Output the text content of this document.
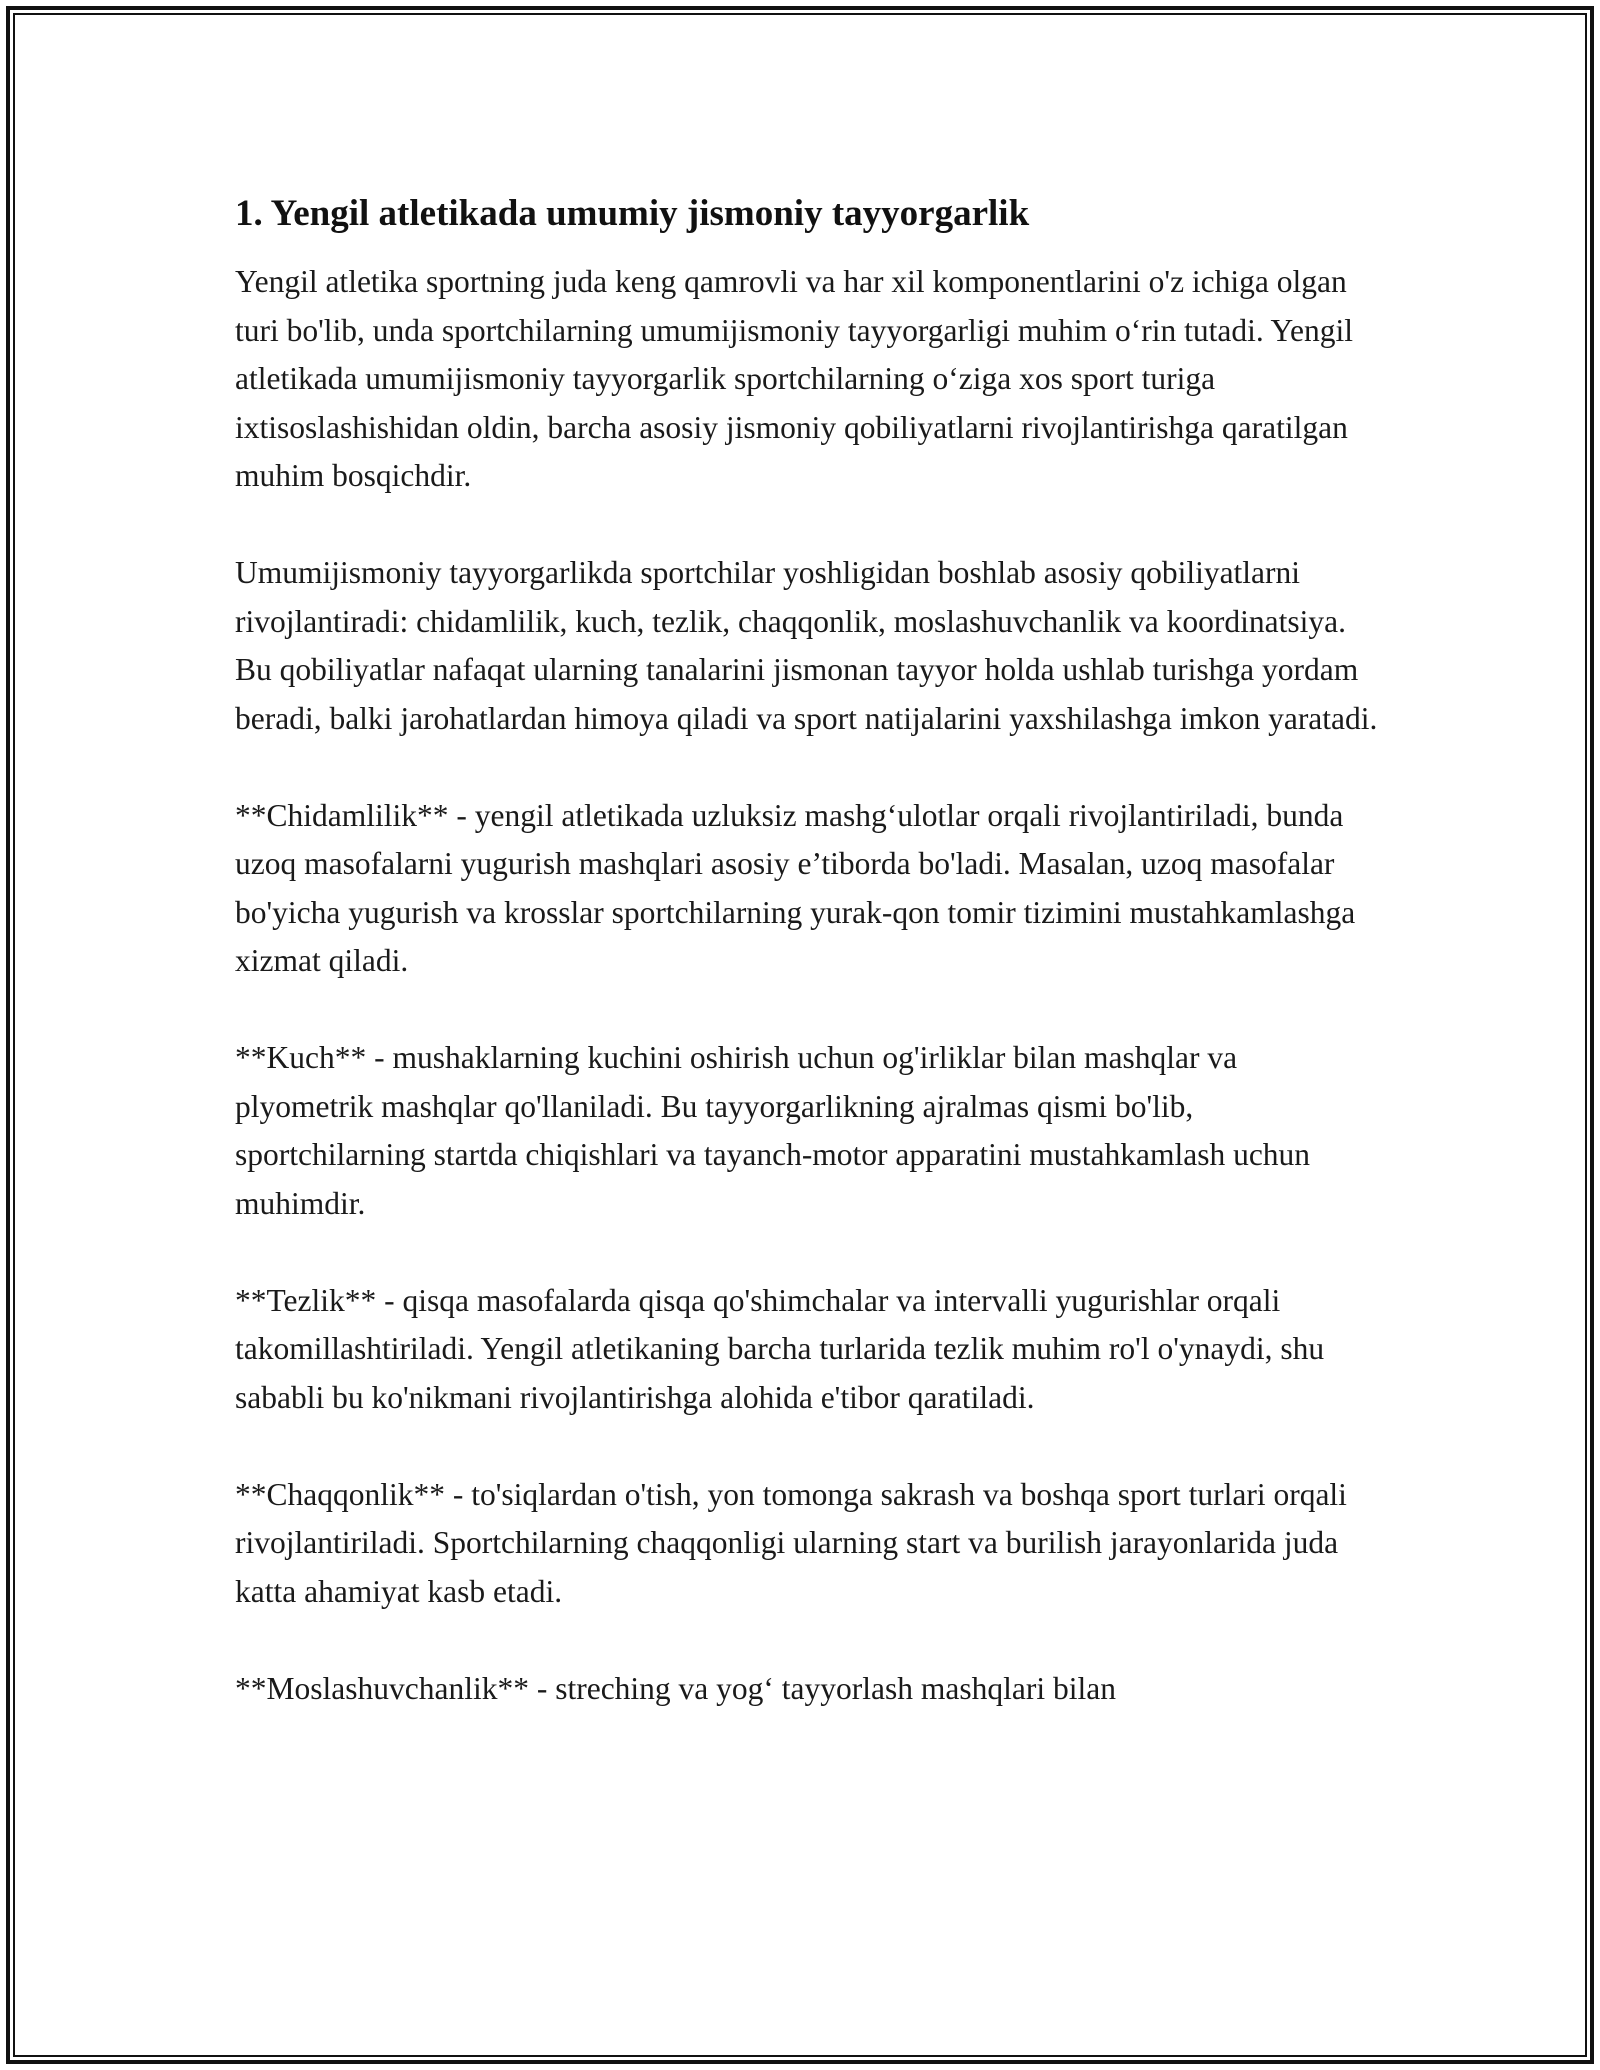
1. Yengil atletikada umumiy jismoniy tayyorgarlik

Yengil atletika sportning juda keng qamrovli va har xil komponentlarini o'z ichiga olgan turi bo'lib, unda sportchilarning umumijismoniy tayyorgarligi muhim o‘rin tutadi. Yengil atletikada umumijismoniy tayyorgarlik sportchilarning o‘ziga xos sport turiga ixtisoslashishidan oldin, barcha asosiy jismoniy qobiliyatlarni rivojlantirishga qaratilgan muhim bosqichdir.

Umumijismoniy tayyorgarlikda sportchilar yoshligidan boshlab asosiy qobiliyatlarni rivojlantiradi: chidamlilik, kuch, tezlik, chaqqonlik, moslashuvchanlik va koordinatsiya. Bu qobiliyatlar nafaqat ularning tanalarini jismonan tayyor holda ushlab turishga yordam beradi, balki jarohatlardan himoya qiladi va sport natijalarini yaxshilashga imkon yaratadi.

**Chidamlilik** - yengil atletikada uzluksiz mashg‘ulotlar orqali rivojlantiriladi, bunda uzoq masofalarni yugurish mashqlari asosiy e’tiborda bo'ladi. Masalan, uzoq masofalar bo'yicha yugurish va krosslar sportchilarning yurak-qon tomir tizimini mustahkamlashga xizmat qiladi.

**Kuch** - mushaklarning kuchini oshirish uchun og'irliklar bilan mashqlar va plyometrik mashqlar qo'llaniladi. Bu tayyorgarlikning ajralmas qismi bo'lib, sportchilarning startda chiqishlari va tayanch-motor apparatini mustahkamlash uchun muhimdir.

**Tezlik** - qisqa masofalarda qisqa qo'shimchalar va intervalli yugurishlar orqali takomillashtiriladi. Yengil atletikaning barcha turlarida tezlik muhim ro'l o'ynaydi, shu sababli bu ko'nikmani rivojlantirishga alohida e'tibor qaratiladi.

**Chaqqonlik** - to'siqlardan o'tish, yon tomonga sakrash va boshqa sport turlari orqali rivojlantiriladi. Sportchilarning chaqqonligi ularning start va burilish jarayonlarida juda katta ahamiyat kasb etadi.

**Moslashuvchanlik** - streching va yog‘ tayyorlash mashqlari bilan
